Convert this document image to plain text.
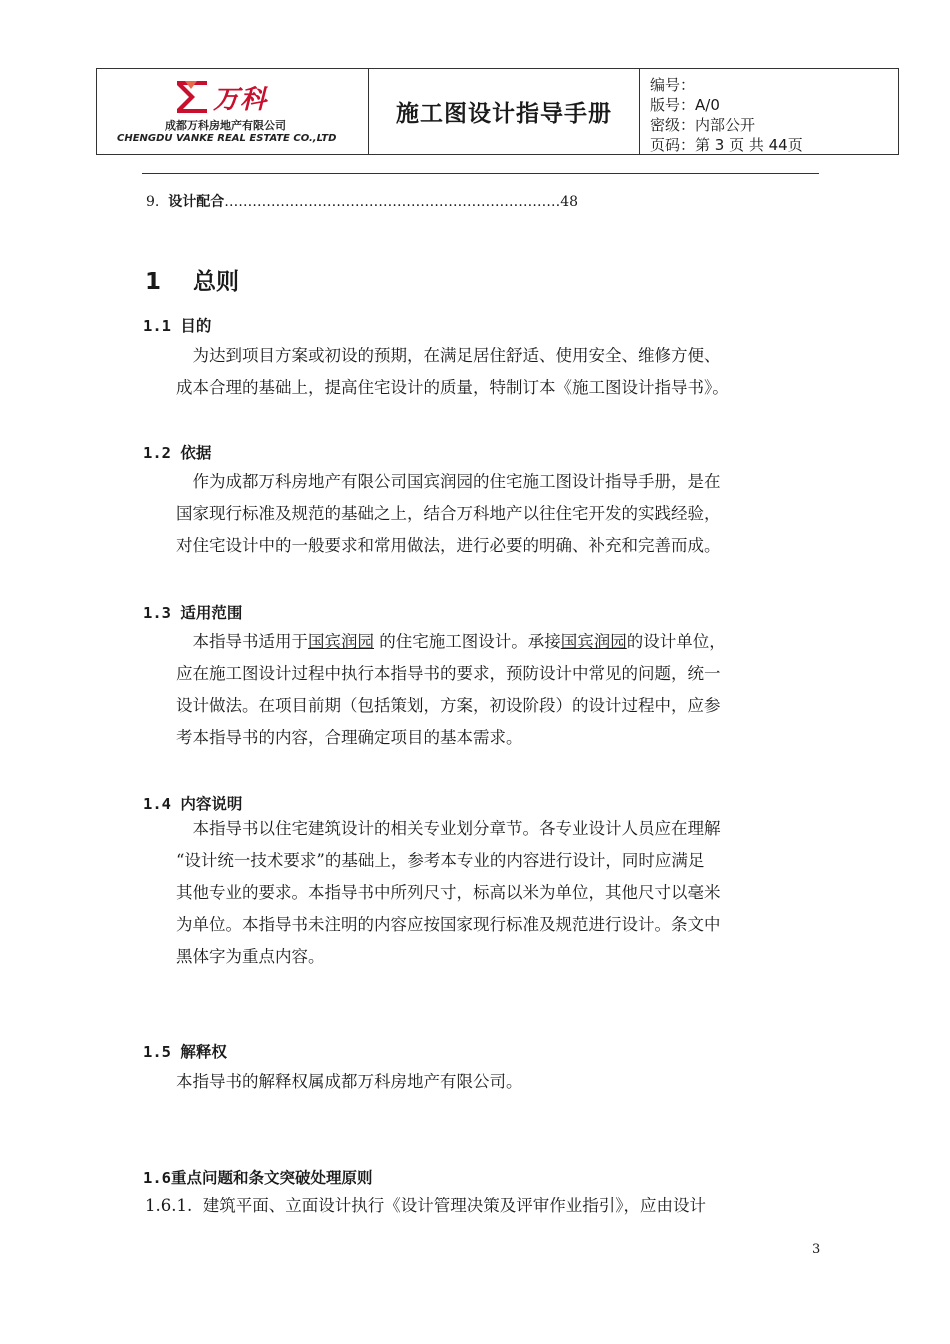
万科
成都万科房地产有限公司
CHENGDU VANKE REAL ESTATE CO.,LTD
施工图设计指导手册
编号：
版号：A/0
密级：内部公开
页码：第 3 页 共 44页
9. 设计配合………………………………………………………………48
1 总则
1.1 目的
　为达到项目方案或初设的预期，在满足居住舒适、使用安全、维修方便、
成本合理的基础上，提高住宅设计的质量，特制订本《施工图设计指导书》。
1.2 依据
　作为成都万科房地产有限公司国宾润园的住宅施工图设计指导手册，是在
国家现行标准及规范的基础之上，结合万科地产以往住宅开发的实践经验，
对住宅设计中的一般要求和常用做法，进行必要的明确、补充和完善而成。
1.3 适用范围
　本指导书适用于国宾润园 的住宅施工图设计。承接国宾润园的设计单位，
应在施工图设计过程中执行本指导书的要求，预防设计中常见的问题，统一
设计做法。在项目前期（包括策划，方案，初设阶段）的设计过程中，应参
考本指导书的内容，合理确定项目的基本需求。
1.4 内容说明
　本指导书以住宅建筑设计的相关专业划分章节。各专业设计人员应在理解
“设计统一技术要求”的基础上，参考本专业的内容进行设计，同时应满足
其他专业的要求。本指导书中所列尺寸，标高以米为单位，其他尺寸以毫米
为单位。本指导书未注明的内容应按国家现行标准及规范进行设计。条文中
黑体字为重点内容。
1.5 解释权
本指导书的解释权属成都万科房地产有限公司。
1.6重点问题和条文突破处理原则
1.6.1. 建筑平面、立面设计执行《设计管理决策及评审作业指引》，应由设计
3
